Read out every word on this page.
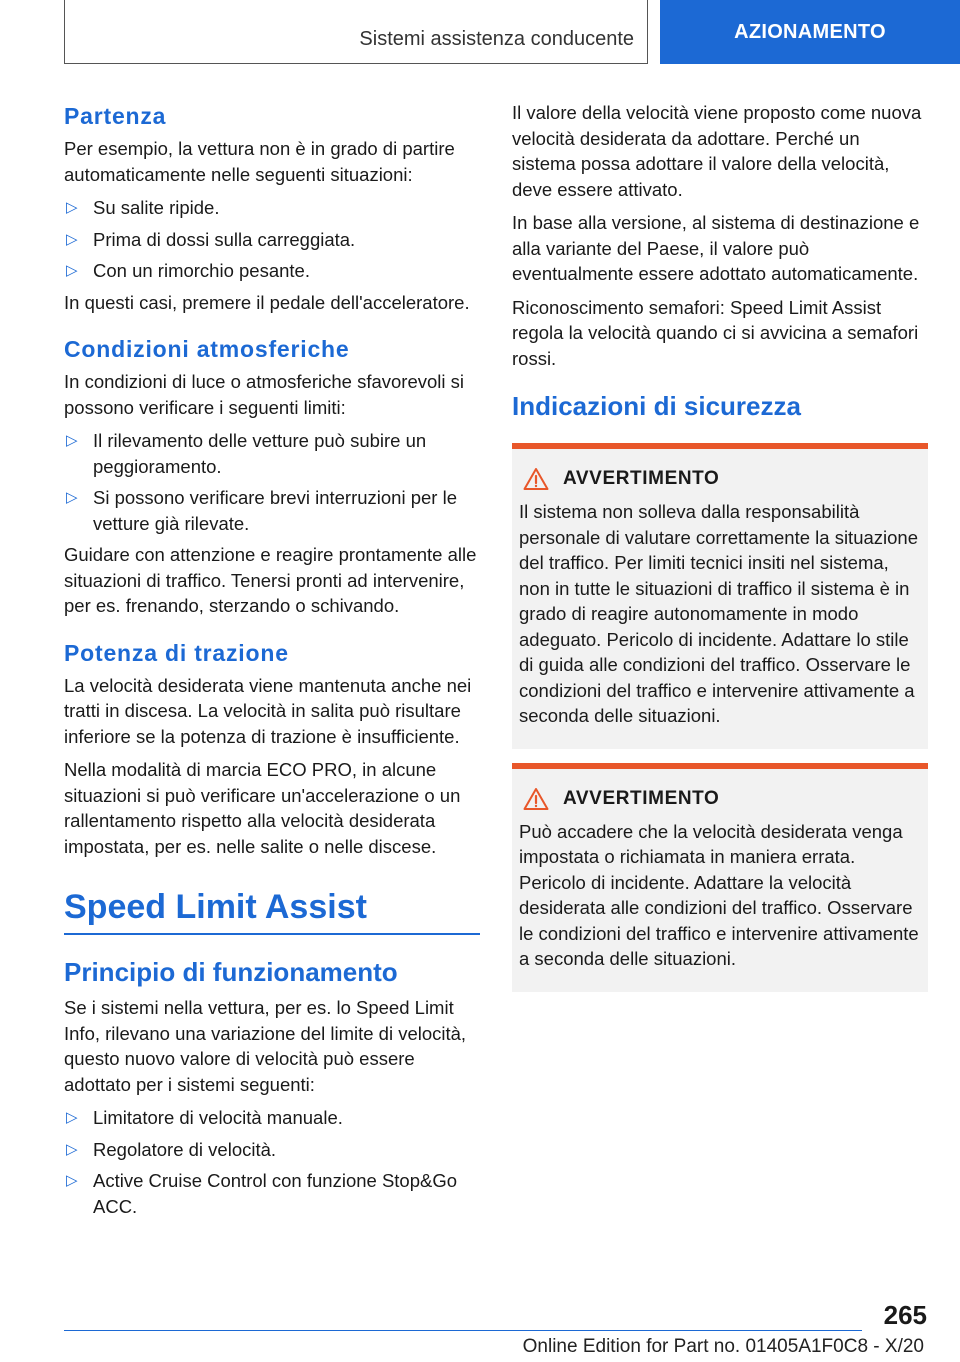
Sistemi assistenza conducente	AZIONAMENTO
Partenza

Per esempio, la vettura non è in grado di partire automaticamente nelle seguenti situazioni:

▷ Su salite ripide.
▷ Prima di dossi sulla carreggiata.
▷ Con un rimorchio pesante.

In questi casi, premere il pedale dell'acceleratore.

Condizioni atmosferiche

In condizioni di luce o atmosferiche sfavorevoli si possono verificare i seguenti limiti:

▷ Il rilevamento delle vetture può subire un peggioramento.
▷ Si possono verificare brevi interruzioni per le vetture già rilevate.

Guidare con attenzione e reagire prontamente alle situazioni di traffico. Tenersi pronti ad intervenire, per es. frenando, sterzando o schivando.

Potenza di trazione

La velocità desiderata viene mantenuta anche nei tratti in discesa. La velocità in salita può risultare inferiore se la potenza di trazione è insufficiente.

Nella modalità di marcia ECO PRO, in alcune situazioni si può verificare un'accelerazione o un rallentamento rispetto alla velocità desiderata impostata, per es. nelle salite o nelle discese.

Speed Limit Assist
Principio di funzionamento

Se i sistemi nella vettura, per es. lo Speed Limit Info, rilevano una variazione del limite di velocità, questo nuovo valore di velocità può essere adottato per i sistemi seguenti:

▷ Limitatore di velocità manuale.
▷ Regolatore di velocità.
▷ Active Cruise Control con funzione Stop&Go ACC.

Il valore della velocità viene proposto come nuova velocità desiderata da adottare. Perché un sistema possa adottare il valore della velocità, deve essere attivato.

In base alla versione, al sistema di destinazione e alla variante del Paese, il valore può eventualmente essere adottato automaticamente.

Riconoscimento semafori: Speed Limit Assist regola la velocità quando ci si avvicina a semafori rossi.

Indicazioni di sicurezza
AVVERTIMENTO

Il sistema non solleva dalla responsabilità personale di valutare correttamente la situazione del traffico. Per limiti tecnici insiti nel sistema, non in tutte le situazioni di traffico il sistema è in grado di reagire autonomamente in modo adeguato. Pericolo di incidente. Adattare lo stile di guida alle condizioni del traffico. Osservare le condizioni del traffico e intervenire attivamente a seconda delle situazioni.

AVVERTIMENTO

Può accadere che la velocità desiderata venga impostata o richiamata in maniera errata. Pericolo di incidente. Adattare la velocità desiderata alle condizioni del traffico. Osservare le condizioni del traffico e intervenire attivamente a seconda delle situazioni.

265
Online Edition for Part no. 01405A1F0C8 - X/20
